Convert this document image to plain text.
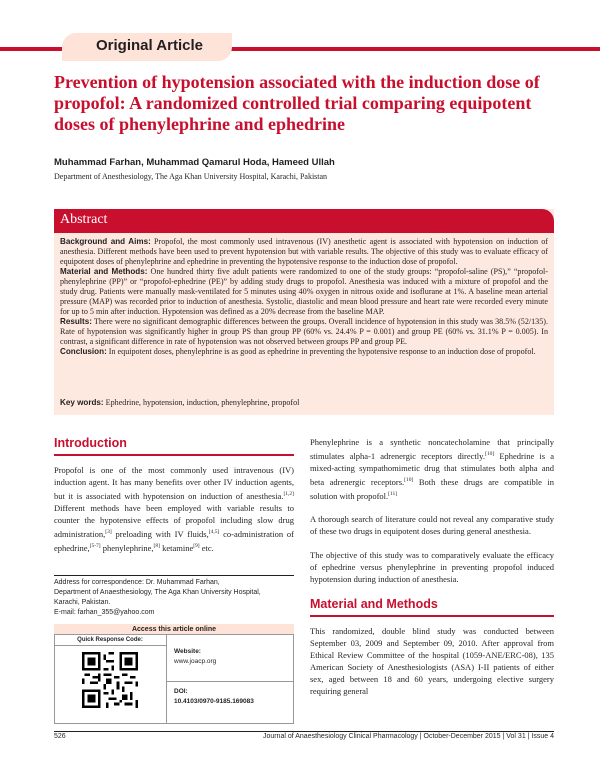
Original Article
Prevention of hypotension associated with the induction dose of propofol: A randomized controlled trial comparing equipotent doses of phenylephrine and ephedrine
Muhammad Farhan, Muhammad Qamarul Hoda, Hameed Ullah
Department of Anesthesiology, The Aga Khan University Hospital, Karachi, Pakistan
Abstract

Background and Aims: Propofol, the most commonly used intravenous (IV) anesthetic agent is associated with hypotension on induction of anesthesia. Different methods have been used to prevent hypotension but with variable results. The objective of this study was to evaluate efficacy of equipotent doses of phenylephrine and ephedrine in preventing the hypotensive response to the induction dose of propofol.

Material and Methods: One hundred thirty five adult patients were randomized to one of the study groups: “propofol-saline (PS),” “propofol-phenylephrine (PP)” or “propofol-ephedrine (PE)” by adding study drugs to propofol. Anesthesia was induced with a mixture of propofol and the study drug. Patients were manually mask-ventilated for 5 minutes using 40% oxygen in nitrous oxide and isoflurane at 1%. A baseline mean arterial pressure (MAP) was recorded prior to induction of anesthesia. Systolic, diastolic and mean blood pressure and heart rate were recorded every minute for up to 5 min after induction. Hypotension was defined as a 20% decrease from the baseline MAP.

Results: There were no significant demographic differences between the groups. Overall incidence of hypotension in this study was 38.5% (52/135). Rate of hypotension was significantly higher in group PS than group PP (60% vs. 24.4% P = 0.001) and group PE (60% vs. 31.1% P = 0.005). In contrast, a significant difference in rate of hypotension was not observed between groups PP and group PE.

Conclusion: In equipotent doses, phenylephrine is as good as ephedrine in preventing the hypotensive response to an induction dose of propofol.

Key words: Ephedrine, hypotension, induction, phenylephrine, propofol
Introduction

Propofol is one of the most commonly used intravenous (IV) induction agent. It has many benefits over other IV induction agents, but it is associated with hypotension on induction of anesthesia.[1,2] Different methods have been employed with variable results to counter the hypotensive effects of propofol including slow drug administration,[3] preloading with IV fluids,[4,5] co-administration of ephedrine,[5-7] phenylephrine,[8] ketamine[9] etc.

Address for correspondence: Dr. Muhammad Farhan,
Department of Anaesthesiology, The Aga Khan University Hospital,
Karachi, Pakistan.
E-mail: farhan_355@yahoo.com
Access this article online
Quick Response Code:
Website:
www.joacp.org
DOI:
10.4103/0970-9185.169083

Phenylephrine is a synthetic noncatecholamine that principally stimulates alpha-1 adrenergic receptors directly.[10] Ephedrine is a mixed-acting sympathomimetic drug that stimulates both alpha and beta adrenergic receptors.[10] Both these drugs are compatible in solution with propofol.[11]

A thorough search of literature could not reveal any comparative study of these two drugs in equipotent doses during general anesthesia.

The objective of this study was to comparatively evaluate the efficacy of ephedrine versus phenylephrine in preventing propofol induced hypotension during induction of anesthesia.

Material and Methods

This randomized, double blind study was conducted between September 03, 2009 and September 09, 2010. After approval from Ethical Review Committee of the hospital (1059-ANE/ERC-08), 135 American Society of Anesthesiologists (ASA) I-II patients of either sex, aged between 18 and 60 years, undergoing elective surgery requiring general

526	Journal of Anaesthesiology Clinical Pharmacology | October-December 2015 | Vol 31 | Issue 4
